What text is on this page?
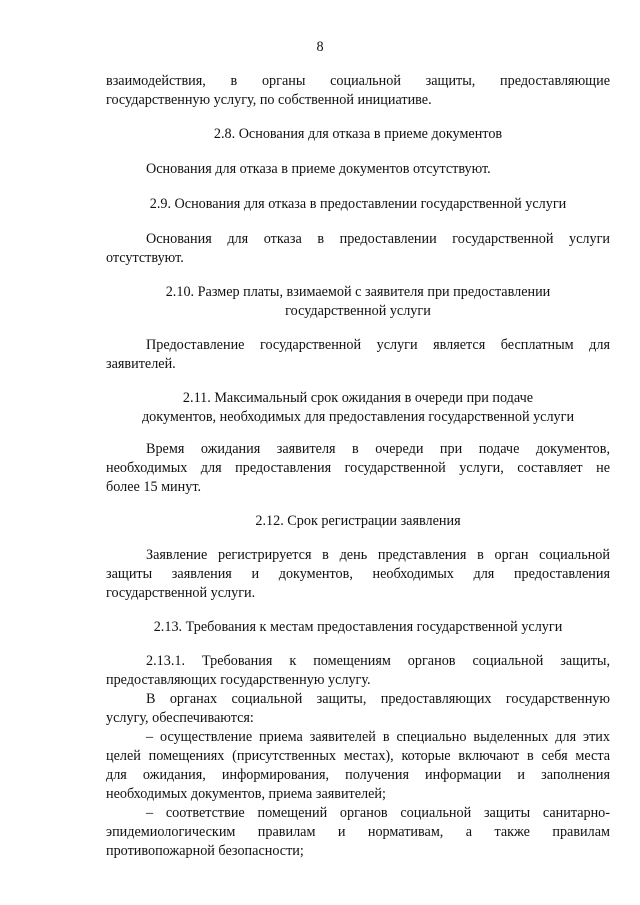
8
взаимодействия, в органы социальной защиты, предоставляющие
государственную услугу, по собственной инициативе.
2.8. Основания для отказа в приеме документов
Основания для отказа в приеме документов отсутствуют.
2.9. Основания для отказа в предоставлении государственной услуги
Основания для отказа в предоставлении государственной услуги
отсутствуют.
2.10. Размер платы, взимаемой с заявителя при предоставлении
государственной услуги
Предоставление государственной услуги является бесплатным для
заявителей.
2.11. Максимальный срок ожидания в очереди при подаче
документов, необходимых для предоставления государственной услуги
Время ожидания заявителя в очереди при подаче документов,
необходимых для предоставления государственной услуги, составляет не
более 15 минут.
2.12. Срок регистрации заявления
Заявление регистрируется в день представления в орган социальной
защиты заявления и документов, необходимых для предоставления
государственной услуги.
2.13. Требования к местам предоставления государственной услуги
2.13.1. Требования к помещениям органов социальной защиты,
предоставляющих государственную услугу.
В органах социальной защиты, предоставляющих государственную
услугу, обеспечиваются:
– осуществление приема заявителей в специально выделенных для этих
целей помещениях (присутственных местах), которые включают в себя места
для ожидания, информирования, получения информации и заполнения
необходимых документов, приема заявителей;
– соответствие помещений органов социальной защиты санитарно-
эпидемиологическим правилам и нормативам, а также правилам
противопожарной безопасности;
